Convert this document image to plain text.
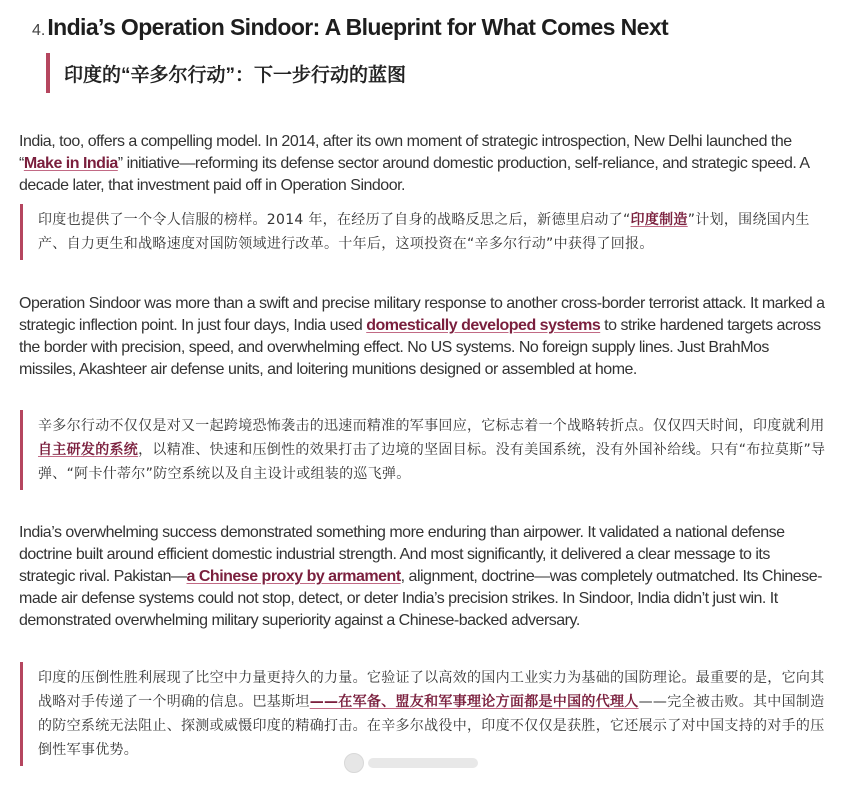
4. India’s Operation Sindoor: A Blueprint for What Comes Next
印度的“辛多尔行动”：下一步行动的蓝图

India, too, offers a compelling model. In 2014, after its own moment of strategic introspection, New Delhi launched the “Make in India” initiative—reforming its defense sector around domestic production, self-reliance, and strategic speed. A decade later, that investment paid off in Operation Sindoor.

印度也提供了一个令人信服的榜样。2014 年，在经历了自身的战略反思之后，新德里启动了“印度制造”计划，围绕国内生产、自力更生和战略速度对国防领域进行改革。十年后，这项投资在“辛多尔行动”中获得了回报。

Operation Sindoor was more than a swift and precise military response to another cross-border terrorist attack. It marked a strategic inflection point. In just four days, India used domestically developed systems to strike hardened targets across the border with precision, speed, and overwhelming effect. No US systems. No foreign supply lines. Just BrahMos missiles, Akashteer air defense units, and loitering munitions designed or assembled at home.

辛多尔行动不仅仅是对又一起跨境恐怖袭击的迅速而精准的军事回应，它标志着一个战略转折点。仅仅四天时间，印度就利用自主研发的系统，以精准、快速和压倒性的效果打击了边境的坚固目标。没有美国系统，没有外国补给线。只有“布拉莫斯”导弹、“阿卡什蒂尔”防空系统以及自主设计或组装的巡飞弹。

India’s overwhelming success demonstrated something more enduring than airpower. It validated a national defense doctrine built around efficient domestic industrial strength. And most significantly, it delivered a clear message to its strategic rival. Pakistan—a Chinese proxy by armament, alignment, doctrine—was completely outmatched. Its Chinese-made air defense systems could not stop, detect, or deter India’s precision strikes. In Sindoor, India didn’t just win. It demonstrated overwhelming military superiority against a Chinese-backed adversary.

印度的压倒性胜利展现了比空中力量更持久的力量。它验证了以高效的国内工业实力为基础的国防理论。最重要的是，它向其战略对手传递了一个明确的信息。巴基斯坦——在军备、盟友和军事理论方面都是中国的代理人——完全被击败。其中国制造的防空系统无法阻止、探测或威慑印度的精确打击。在辛多尔战役中，印度不仅仅是获胜，它还展示了对中国支持的对手的压倒性军事优势。
